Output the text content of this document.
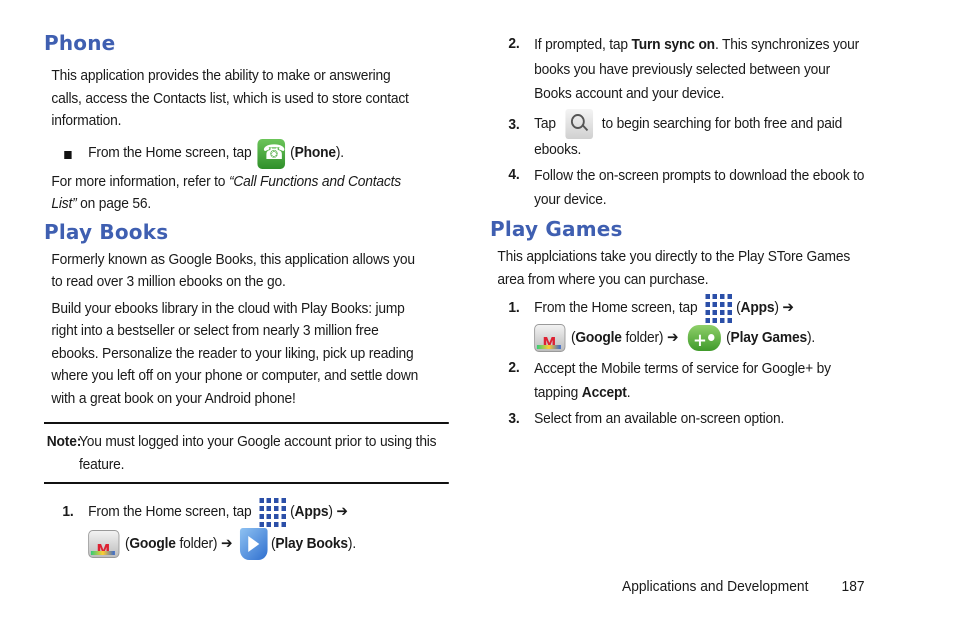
Phone

This application provides the ability to make or answering calls, access the Contacts list, which is used to store contact information.

From the Home screen, tap ☎	(Phone).

For more information, refer to “Call Functions and Contacts List” on page 56.

Play Books

Formerly known as Google Books, this application allows you to read over 3 million ebooks on the go.

Build your ebooks library in the cloud with Play Books: jump right into a bestseller or select from nearly 3 million free ebooks. Personalize the reader to your liking, pick up reading where you left off on your phone or computer, and settle down with a great book on your Android phone!

Note:
You must logged into your Google account prior to using this feature.
1. From the Home screen, tap	(Apps) ➔
M(Google folder) ➔	(Play Books).
2. If prompted, tap Turn sync on. This synchronizes your books you have previously selected between your Books account and your device.

3. Tap	to begin searching for both free and paid ebooks.

4. Follow the on-screen prompts to download the ebook to your device.

Play Games

This applciations take you directly to the Play STore Games area from where you can purchase.

1. From the Home screen, tap	(Apps) ➔
M(Google folder) ➔ +	(Play Games).
2. Accept the Mobile terms of service for Google+ by tapping Accept.

3. Select from an available on-screen option.

Applications and Development 187
